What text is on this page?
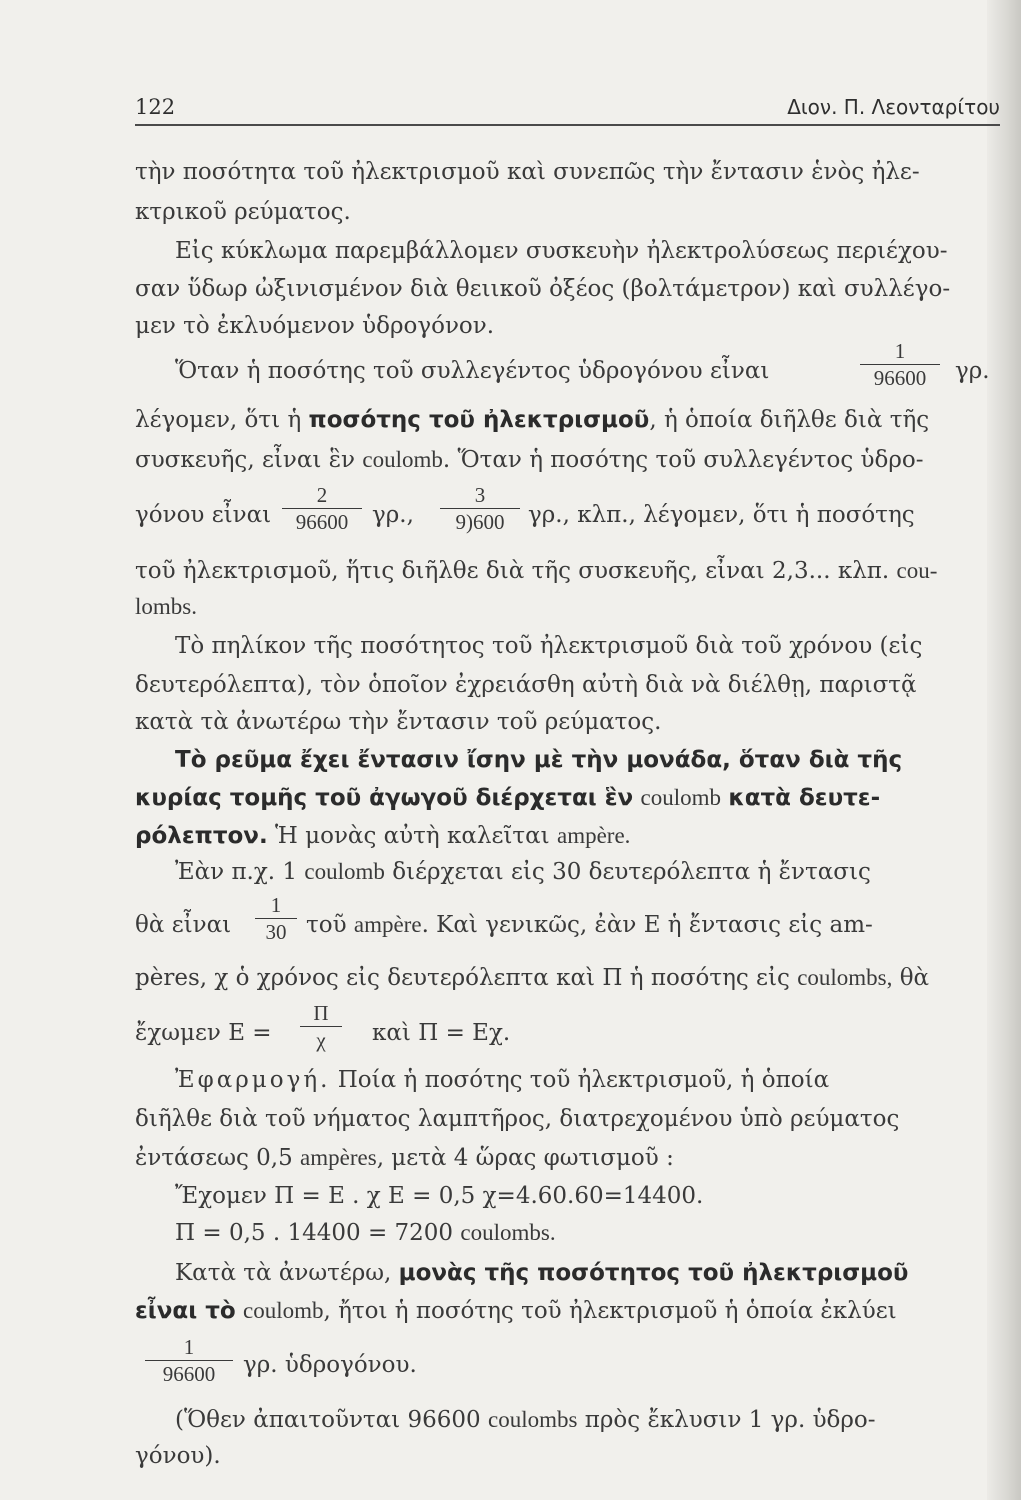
122	Διον. Π. Λεονταρίτου
τὴν ποσότητα τοῦ ἠλεκτρισμοῦ καὶ συνεπῶς τὴν ἔντασιν ἑνὸς ἠλε-
κτρικοῦ ρεύματος.
Εἰς κύκλωμα παρεμβάλλομεν συσκευὴν ἠλεκτρολύσεως περιέχου-
σαν ὕδωρ ὠξινισμένον διὰ θειικοῦ ὀξέος (βολτάμετρον) καὶ συλλέγο-
μεν τὸ ἐκλυόμενον ὑδρογόνον.
Ὅταν ἡ ποσότης τοῦ συλλεγέντος ὑδρογόνου εἶναι
1
96600	γρ.
λέγομεν, ὅτι ἡ ποσότης τοῦ ἠλεκτρισμοῦ, ἡ ὁποία διῆλθε διὰ τῆς
συσκευῆς, εἶναι ἓν coulomb. Ὅταν ἡ ποσότης τοῦ συλλεγέντος ὑδρο-
γόνου εἶναι
2
96600	γρ.,
3
9)600	γρ., κλπ., λέγομεν, ὅτι ἡ ποσότης
τοῦ ἠλεκτρισμοῦ, ἥτις διῆλθε διὰ τῆς συσκευῆς, εἶναι 2,3... κλπ. cou-
lombs.
Τὸ πηλίκον τῆς ποσότητος τοῦ ἠλεκτρισμοῦ διὰ τοῦ χρόνου (εἰς
δευτερόλεπτα), τὸν ὁποῖον ἐχρειάσθη αὐτὴ διὰ νὰ διέλθῃ, παριστᾷ
κατὰ τὰ ἀνωτέρω τὴν ἔντασιν τοῦ ρεύματος.
Τὸ ρεῦμα ἔχει ἔντασιν ἴσην μὲ τὴν μονάδα, ὅταν διὰ τῆς
κυρίας τομῆς τοῦ ἀγωγοῦ διέρχεται ἓν coulomb κατὰ δευτε-
ρόλεπτον. Ἡ μονὰς αὐτὴ καλεῖται ampère.
Ἐὰν π.χ. 1 coulomb διέρχεται εἰς 30 δευτερόλεπτα ἡ ἔντασις
θὰ εἶναι
1
30 τοῦ ampère. Καὶ γενικῶς, ἐὰν Ε ἡ ἔντασις εἰς am-
pères, χ ὁ χρόνος εἰς δευτερόλεπτα καὶ Π ἡ ποσότης εἰς coulombs, θὰ
ἔχωμεν Ε =
Π
χ	καὶ Π = Εχ.
Ἐφαρμογή. Ποία ἡ ποσότης τοῦ ἠλεκτρισμοῦ, ἡ ὁποία
διῆλθε διὰ τοῦ νήματος λαμπτῆρος, διατρεχομένου ὑπὸ ρεύματος
ἐντάσεως 0,5 ampères, μετὰ 4 ὥρας φωτισμοῦ :
Ἔχομεν Π = Ε . χ Ε = 0,5 χ=4.60.60=14400.
Π = 0,5 . 14400 = 7200 coulombs.
Κατὰ τὰ ἀνωτέρω, μονὰς τῆς ποσότητος τοῦ ἠλεκτρισμοῦ
εἶναι τὸ coulomb, ἤτοι ἡ ποσότης τοῦ ἠλεκτρισμοῦ ἡ ὁποία ἐκλύει
1
96600	γρ. ὑδρογόνου.
(Ὅθεν ἀπαιτοῦνται 96600 coulombs πρὸς ἔκλυσιν 1 γρ. ὑδρο-
γόνου).
